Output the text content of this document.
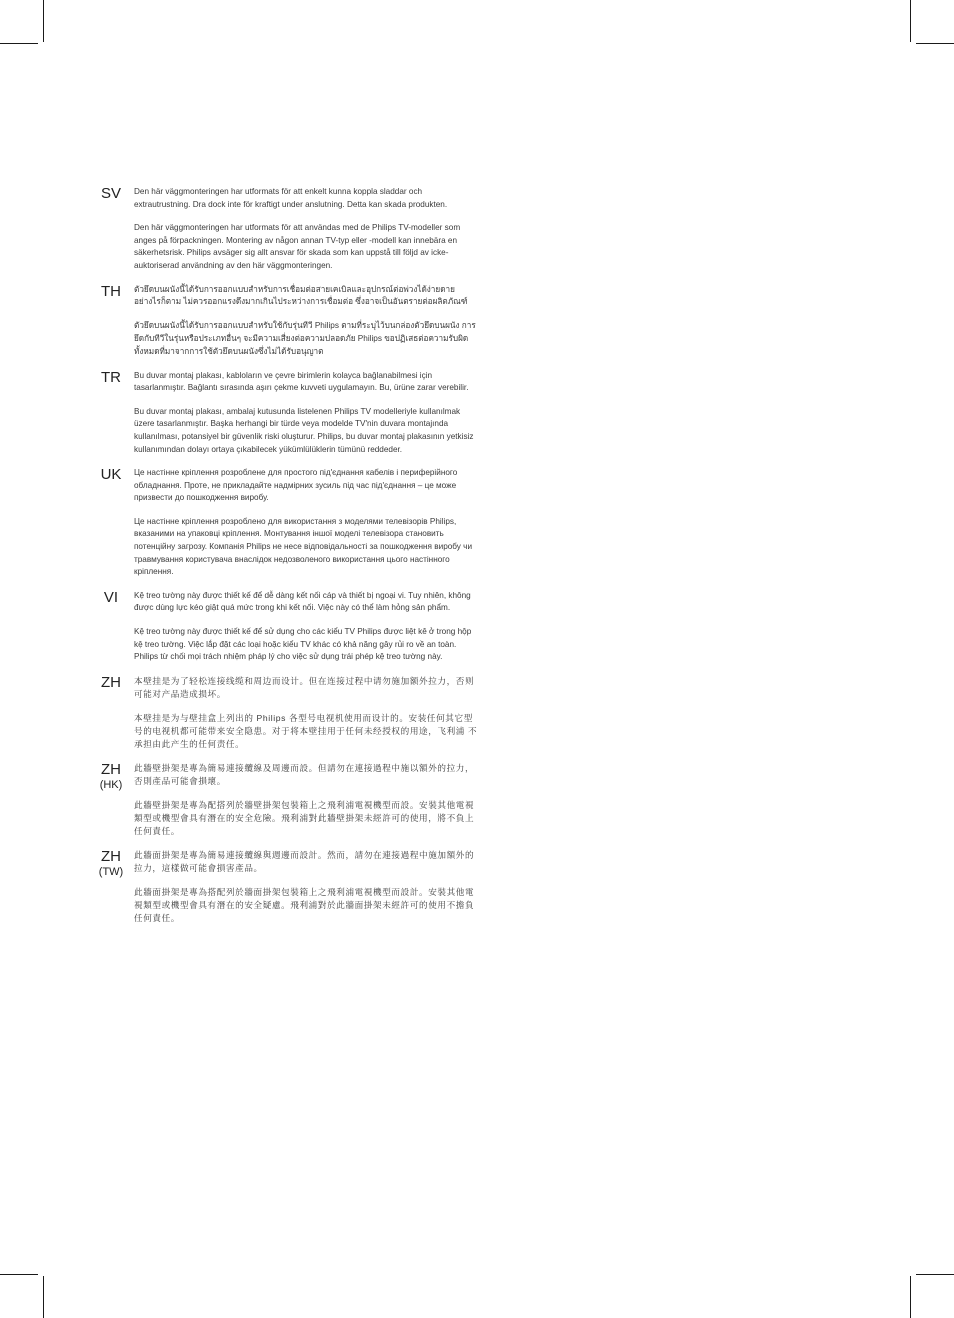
SV	Den här väggmonteringen har utformats för att enkelt kunna koppla sladdar och extrautrustning. Dra dock inte för kraftigt under anslutning. Detta kan skada produkten.

Den här väggmonteringen har utformats för att användas med de Philips TV-modeller som anges på förpackningen. Montering av någon annan TV-typ eller -modell kan innebära en säkerhetsrisk. Philips avsäger sig allt ansvar för skada som kan uppstå till följd av icke-auktoriserad användning av den här väggmonteringen.

TH	ตัวยึดบนผนังนี้ได้รับการออกแบบสำหรับการเชื่อมต่อสายเคเบิลและอุปกรณ์ต่อพ่วงได้ง่ายดาย อย่างไรก็ตาม ไม่ควรออกแรงดึงมากเกินไประหว่างการเชื่อมต่อ ซึ่งอาจเป็นอันตรายต่อผลิตภัณฑ์

ตัวยึดบนผนังนี้ได้รับการออกแบบสำหรับใช้กับรุ่นทีวี Philips ตามที่ระบุไว้บนกล่องตัวยึดบนผนัง การยึดกับทีวีในรุ่นหรือประเภทอื่นๆ จะมีความเสี่ยงต่อความปลอดภัย Philips ขอปฏิเสธต่อความรับผิดทั้งหมดที่มาจากการใช้ตัวยึดบนผนังซึ่งไม่ได้รับอนุญาต

TR	Bu duvar montaj plakası, kabloların ve çevre birimlerin kolayca bağlanabilmesi için tasarlanmıştır. Bağlantı sırasında aşırı çekme kuvveti uygulamayın. Bu, ürüne zarar verebilir.

Bu duvar montaj plakası, ambalaj kutusunda listelenen Philips TV modelleriyle kullanılmak üzere tasarlanmıştır. Başka herhangi bir türde veya modelde TV'nin duvara montajında kullanılması, potansiyel bir güvenlik riski oluşturur. Philips, bu duvar montaj plakasının yetkisiz kullanımından dolayı ortaya çıkabilecek yükümlülüklerin tümünü reddeder.

UK	Це настінне кріплення розроблене для простого під'єднання кабелів і периферійного обладнання. Проте, не прикладайте надмірних зусиль під час під'єднання – це може призвести до пошкодження виробу.

Це настінне кріплення розроблено для використання з моделями телевізорів Philips, вказаними на упаковці кріплення. Монтування іншої моделі телевізора становить потенційну загрозу. Компанія Philips не несе відповідальності за пошкодження виробу чи травмування користувача внаслідок недозволеного використання цього настінного кріплення.

VI	Kệ treo tường này được thiết kế để dễ dàng kết nối cáp và thiết bị ngoại vi. Tuy nhiên, không được dùng lực kéo giật quá mức trong khi kết nối. Việc này có thể làm hỏng sản phẩm.

Kệ treo tường này được thiết kế để sử dụng cho các kiểu TV Philips được liệt kê ở trong hộp kệ treo tường. Việc lắp đặt các loại hoặc kiểu TV khác có khả năng gây rủi ro về an toàn. Philips từ chối mọi trách nhiệm pháp lý cho việc sử dụng trái phép kệ treo tường này.

ZH	本壁挂是为了轻松连接线缆和周边而设计。但在连接过程中请勿施加额外拉力，否则可能对产品造成损坏。

本壁挂是为与壁挂盒上列出的 Philips 各型号电视机使用而设计的。安装任何其它型号的电视机都可能带来安全隐患。对于将本壁挂用于任何未经授权的用途，飞利浦 不承担由此产生的任何责任。

ZH
(HK)

此牆壁掛架是專為簡易連接纜線及周邊而設。但請勿在連接過程中施以額外的拉力，否則產品可能會損壞。

此牆壁掛架是專為配搭列於牆壁掛架包裝箱上之飛利浦電視機型而設。安裝其他電視類型或機型會具有潛在的安全危險。飛利浦對此牆壁掛架未經許可的使用，將不負上任何責任。

ZH
(TW)

此牆面掛架是專為簡易連接纜線與週邊而設計。然而，請勿在連接過程中施加額外的拉力，這樣做可能會損害產品。

此牆面掛架是專為搭配列於牆面掛架包裝箱上之飛利浦電視機型而設計。安裝其他電視類型或機型會具有潛在的安全疑慮。飛利浦對於此牆面掛架未經許可的使用不擔負任何責任。
